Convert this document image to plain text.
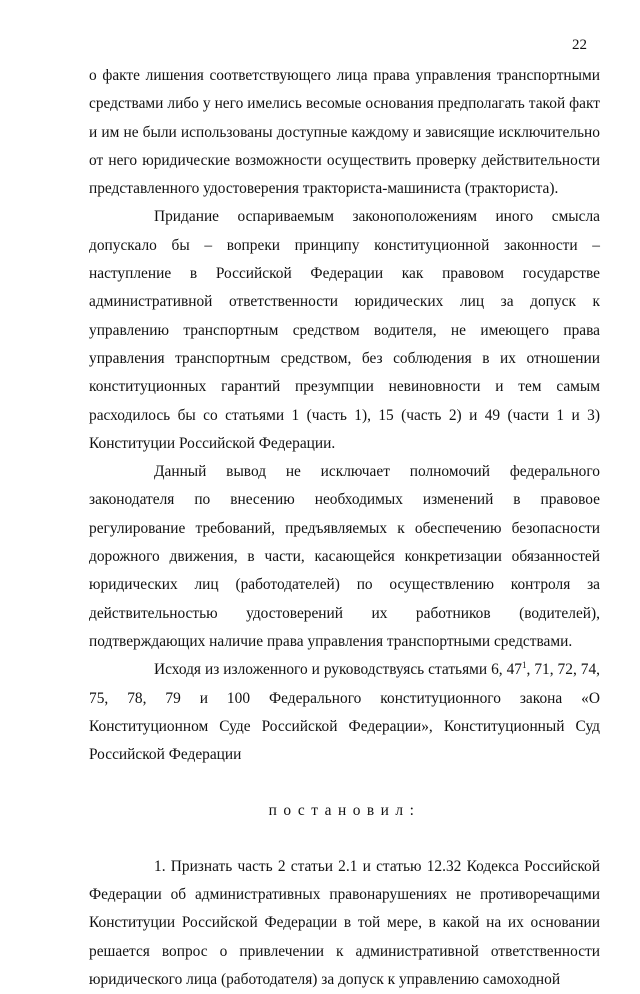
22

о факте лишения соответствующего лица права управления транспортными средствами либо у него имелись весомые основания предполагать такой факт и им не были использованы доступные каждому и зависящие исключительно от него юридические возможности осуществить проверку действительности представленного удостоверения тракториста-машиниста (тракториста).

Придание оспариваемым законоположениям иного смысла допускало бы – вопреки принципу конституционной законности – наступление в Российской Федерации как правовом государстве административной ответственности юридических лиц за допуск к управлению транспортным средством водителя, не имеющего права управления транспортным средством, без соблюдения в их отношении конституционных гарантий презумпции невиновности и тем самым расходилось бы со статьями 1 (часть 1), 15 (часть 2) и 49 (части 1 и 3) Конституции Российской Федерации.

Данный вывод не исключает полномочий федерального законодателя по внесению необходимых изменений в правовое регулирование требований, предъявляемых к обеспечению безопасности дорожного движения, в части, касающейся конкретизации обязанностей юридических лиц (работодателей) по осуществлению контроля за действительностью удостоверений их работников (водителей), подтверждающих наличие права управления транспортными средствами.

Исходя из изложенного и руководствуясь статьями 6, $47^1$, 71, 72, 74, 75, 78, 79 и 100 Федерального конституционного закона «О Конституционном Суде Российской Федерации», Конституционный Суд Российской Федерации

постановил:

1. Признать часть 2 статьи 2.1 и статью 12.32 Кодекса Российской Федерации об административных правонарушениях не противоречащими Конституции Российской Федерации в той мере, в какой на их основании решается вопрос о привлечении к административной ответственности юридического лица (работодателя) за допуск к управлению самоходной
